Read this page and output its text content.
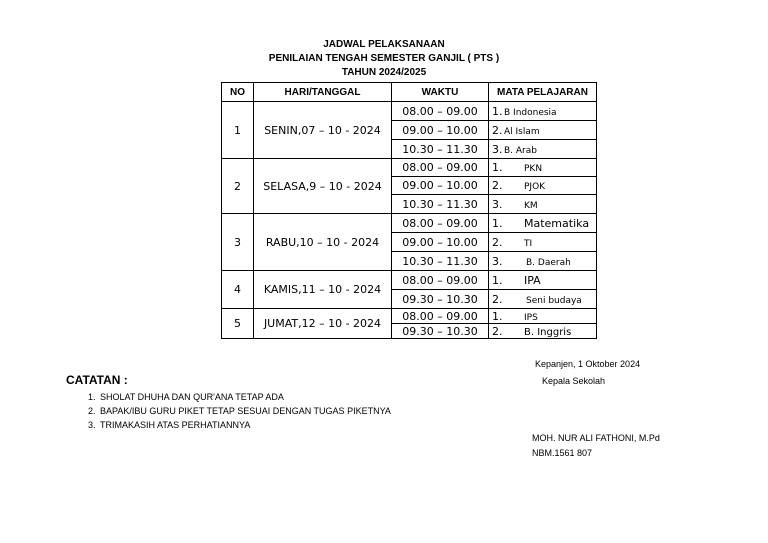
JADWAL PELAKSANAAN
PENILAIAN TENGAH SEMESTER GANJIL ( PTS )
TAHUN 2024/2025
NO	HARI/TANGGAL	WAKTU	MATA PELAJARAN
1	SENIN,07 – 10 - 2024	08.00 – 09.00	1. B Indonesia
		09.00 – 10.00	2. Al Islam
		10.30 – 11.30	3. B. Arab
2	SELASA,9 – 10 - 2024	08.00 – 09.00	1. PKN
		09.00 – 10.00	2. PJOK
		10.30 – 11.30	3. KM
3	RABU,10 – 10 - 2024	08.00 – 09.00	1. Matematika
		09.00 – 10.00	2. TI
		10.30 – 11.30	3. B. Daerah
4	KAMIS,11 – 10 - 2024	08.00 – 09.00	1. IPA
		09.30 – 10.30	2. Seni budaya
5	JUMAT,12 – 10 - 2024	08.00 – 09.00	1. IPS
		09.30 – 10.30	2. B. Inggris
CATATAN :
1. SHOLAT DHUHA DAN QUR'ANA TETAP ADA
2. BAPAK/IBU GURU PIKET TETAP SESUAI DENGAN TUGAS PIKETNYA
3. TRIMAKASIH ATAS PERHATIANNYA
Kepanjen, 1 Oktober 2024
Kepala Sekolah
MOH. NUR ALI FATHONI, M.Pd
NBM.1561 807
